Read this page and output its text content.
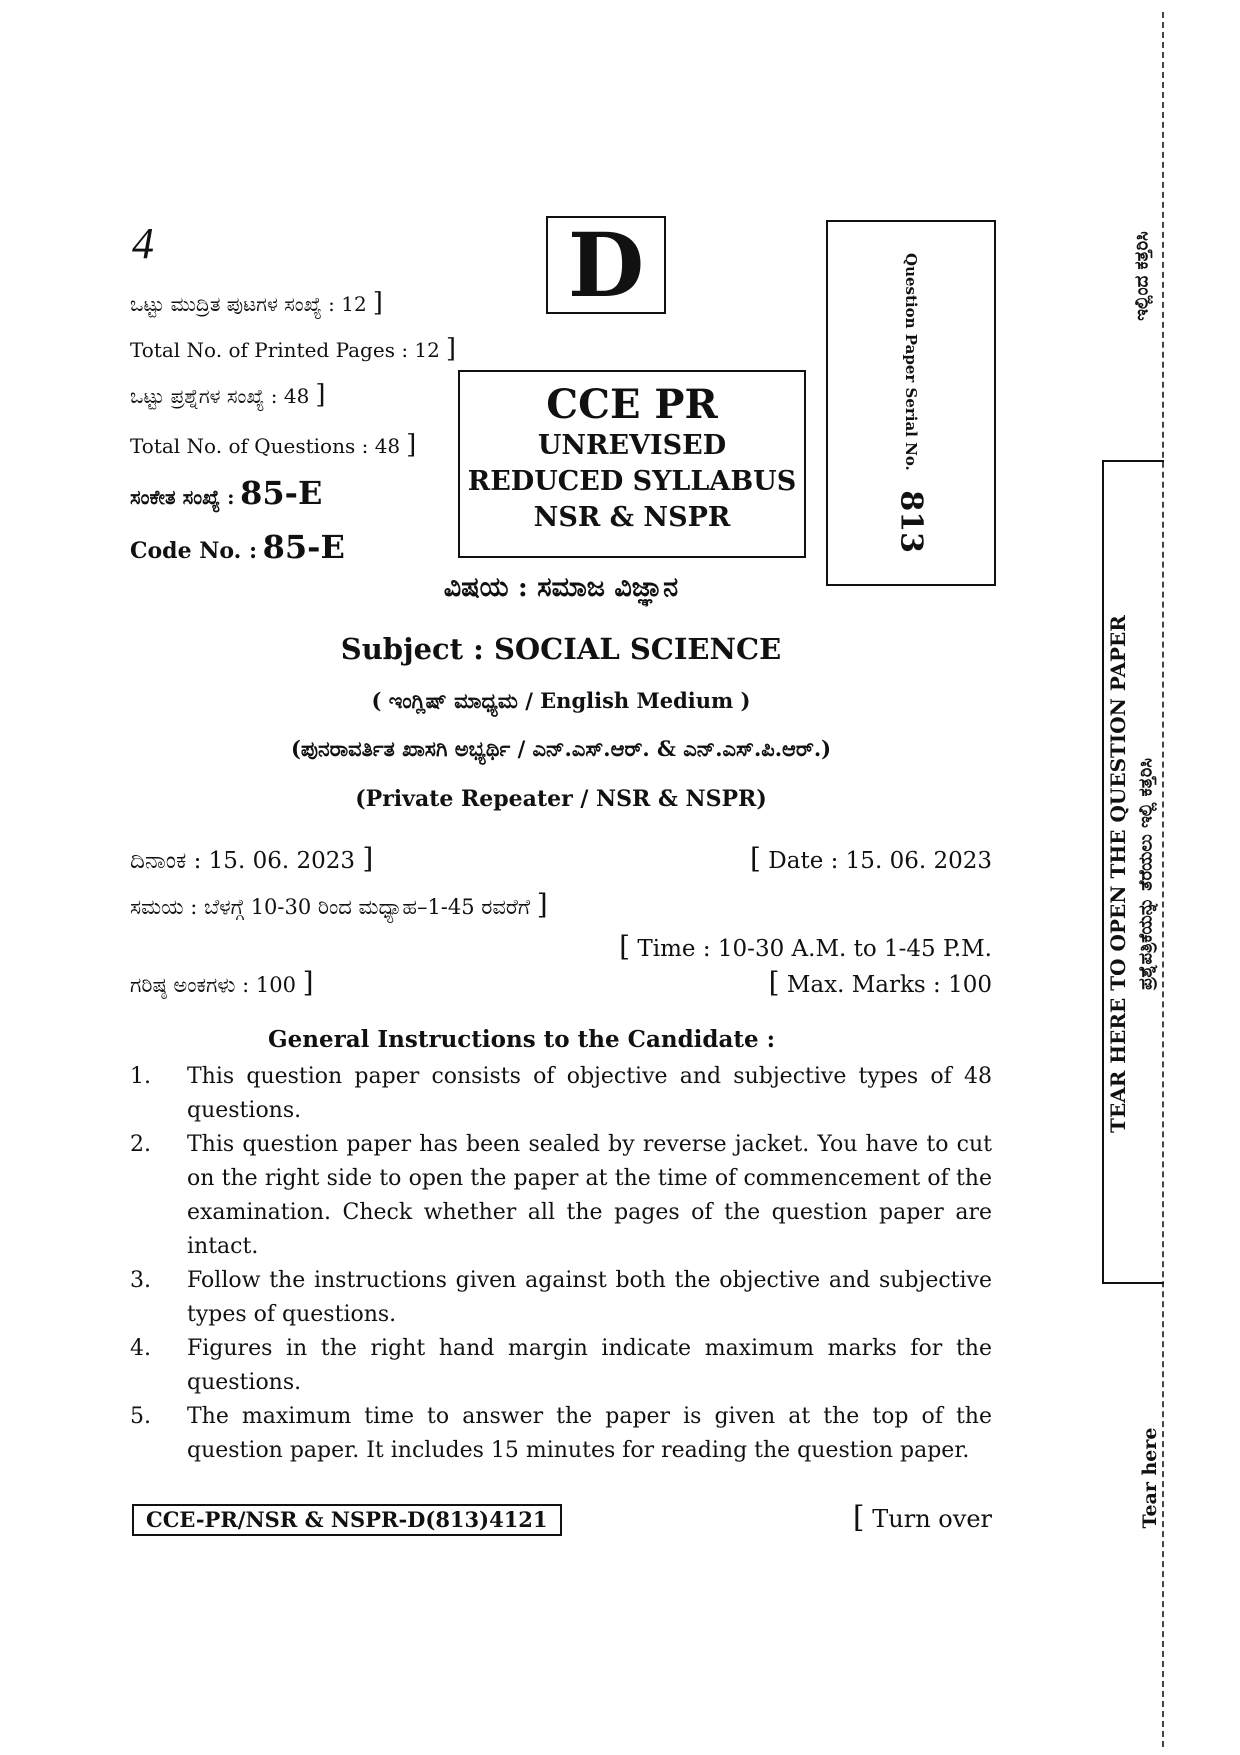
4
ಒಟ್ಟು ಮುದ್ರಿತ ಪುಟಗಳ ಸಂಖ್ಯೆ : 12 ]
Total No. of Printed Pages : 12 ]
ಒಟ್ಟು ಪ್ರಶ್ನೆಗಳ ಸಂಖ್ಯೆ : 48 ]
Total No. of Questions : 48 ]
ಸಂಕೇತ ಸಂಖ್ಯೆ : 85-E
Code No. : 85-E
D
CCE PR
UNREVISED
REDUCED SYLLABUS
NSR & NSPR
Question Paper Serial No. 813
ವಿಷಯ : ಸಮಾಜ ವಿಜ್ಞಾನ
Subject : SOCIAL SCIENCE
( ಇಂಗ್ಲಿಷ್ ಮಾಧ್ಯಮ / English Medium )
(ಪುನರಾವರ್ತಿತ ಖಾಸಗಿ ಅಭ್ಯರ್ಥಿ / ಎನ್.ಎಸ್.ಆರ್. & ಎನ್.ಎಸ್.ಪಿ.ಆರ್.)
(Private Repeater / NSR & NSPR)
ದಿನಾಂಕ : 15. 06. 2023 ]	[ Date : 15. 06. 2023
ಸಮಯ : ಬೆಳಗ್ಗೆ 10-30 ರಿಂದ ಮಧ್ಯಾಹ–1-45 ರವರೆಗೆ ]
[ Time : 10-30 A.M. to 1-45 P.M.
ಗರಿಷ್ಠ ಅಂಕಗಳು : 100 ]	[ Max. Marks : 100
General Instructions to the Candidate :
1. This question paper consists of objective and subjective types of 48 questions.
2. This question paper has been sealed by reverse jacket. You have to cut on the right side to open the paper at the time of commencement of the examination. Check whether all the pages of the question paper are intact.
3. Follow the instructions given against both the objective and subjective types of questions.
4. Figures in the right hand margin indicate maximum marks for the questions.
5. The maximum time to answer the paper is given at the top of the question paper. It includes 15 minutes for reading the question paper.
CCE-PR/NSR & NSPR-D(813)4121	[ Turn over
ಇಲ್ಲಿಂದ ಕತ್ತರಿಸಿ
TEAR HERE TO OPEN THE QUESTION PAPER ಪ್ರಶ್ನೆಪತ್ರಿಕೆಯನ್ನು ತೆರೆಯಲು ಇಲ್ಲಿ ಕತ್ತರಿಸಿ
Tear here
